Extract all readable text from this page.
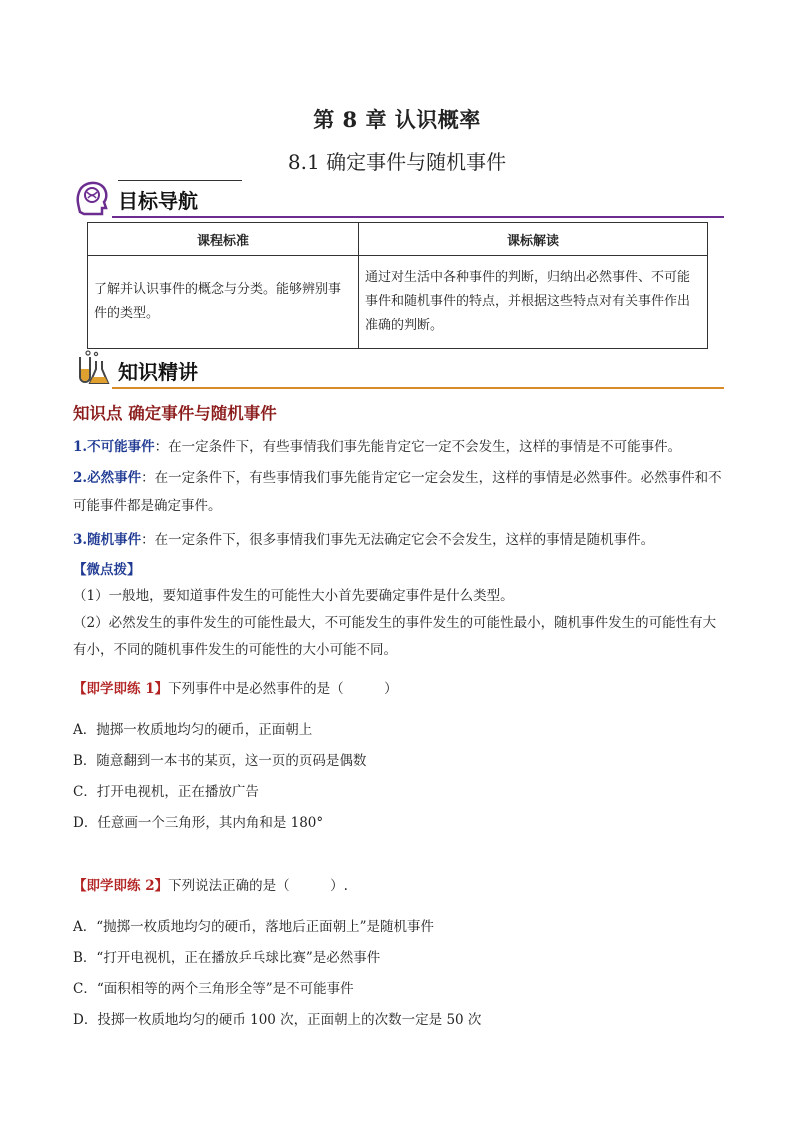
第 8 章 认识概率
8.1 确定事件与随机事件
目标导航
课程标准	课标解读
了解并认识事件的概念与分类。能够辨别事件的类型。	通过对生活中各种事件的判断，归纳出必然事件、不可能事件和随机事件的特点，并根据这些特点对有关事件作出准确的判断。
知识精讲
知识点 确定事件与随机事件
1.不可能事件：在一定条件下，有些事情我们事先能肯定它一定不会发生，这样的事情是不可能事件。
2.必然事件：在一定条件下，有些事情我们事先能肯定它一定会发生，这样的事情是必然事件。必然事件和不可能事件都是确定事件。
3.随机事件：在一定条件下，很多事情我们事先无法确定它会不会发生，这样的事情是随机事件。
【微点拨】
（1）一般地，要知道事件发生的可能性大小首先要确定事件是什么类型。
（2）必然发生的事件发生的可能性最大，不可能发生的事件发生的可能性最小，随机事件发生的可能性有大有小，不同的随机事件发生的可能性的大小可能不同。
【即学即练 1】下列事件中是必然事件的是（　　　）
A．抛掷一枚质地均匀的硬币，正面朝上
B．随意翻到一本书的某页，这一页的页码是偶数
C．打开电视机，正在播放广告
D．任意画一个三角形，其内角和是 180°
【即学即练 2】下列说法正确的是（　　　）.
A．“抛掷一枚质地均匀的硬币，落地后正面朝上”是随机事件
B．“打开电视机，正在播放乒乓球比赛”是必然事件
C．“面积相等的两个三角形全等”是不可能事件
D．投掷一枚质地均匀的硬币 100 次，正面朝上的次数一定是 50 次
